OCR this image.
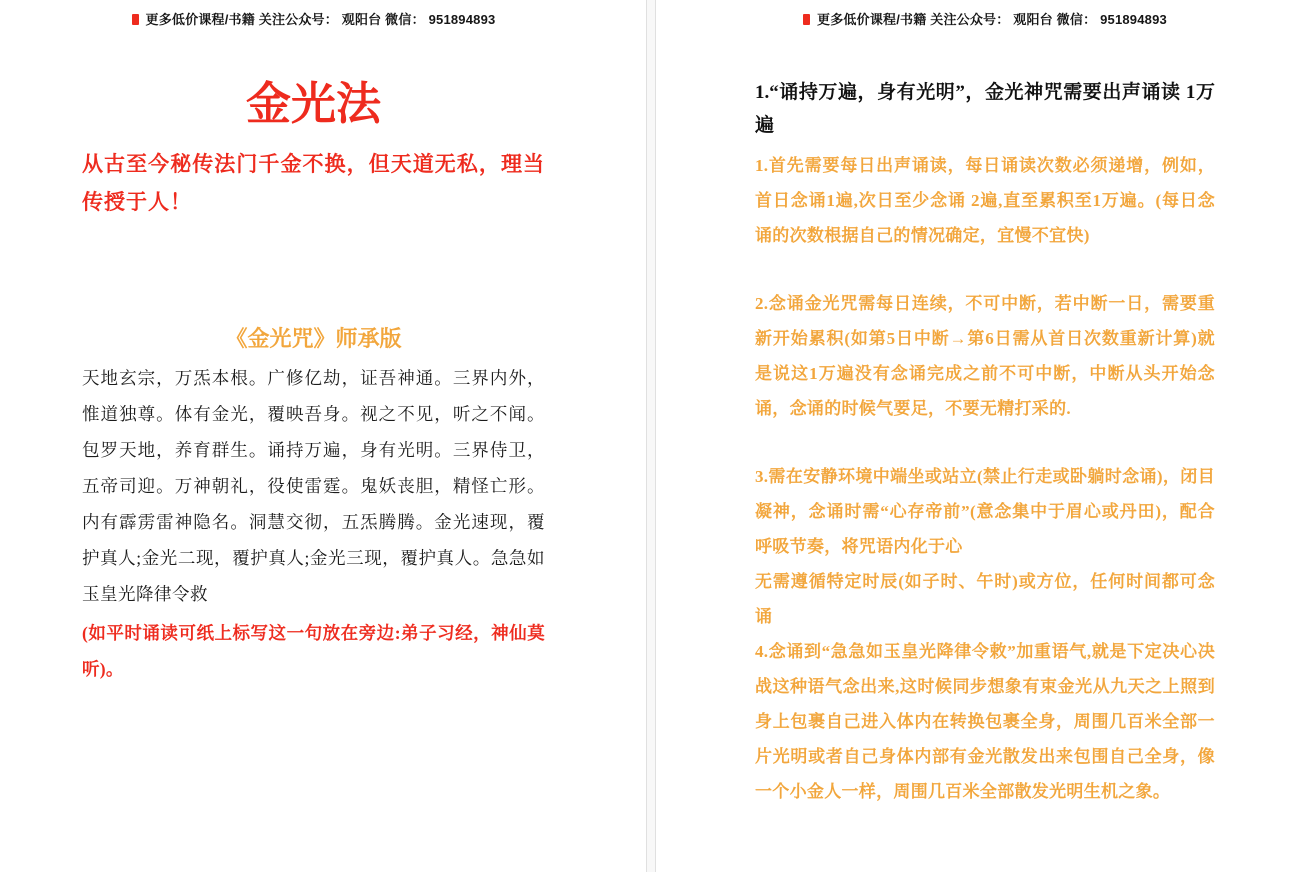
更多低价课程/书籍 关注公众号： 观阳台 微信： 951894893
金光法
从古至今秘传法门千金不换，但天道无私，理当传授于人！
《金光咒》师承版
天地玄宗，万炁本根。广修亿劫，证吾神通。三界内外，惟道独尊。体有金光，覆映吾身。视之不见，听之不闻。包罗天地，养育群生。诵持万遍，身有光明。三界侍卫，五帝司迎。万神朝礼，役使雷霆。鬼妖丧胆，精怪亡形。内有霹雳雷神隐名。洞慧交彻，五炁腾腾。金光速现，覆护真人;金光二现，覆护真人;金光三现，覆护真人。急急如玉皇光降律令救
(如平时诵读可纸上标写这一句放在旁边:弟子习经，神仙莫听)。
更多低价课程/书籍 关注公众号： 观阳台 微信： 951894893
1.“诵持万遍，身有光明”，金光神咒需要出声诵读 1万遍
1.首先需要每日出声诵读，每日诵读次数必须递增，例如，首日念诵1遍,次日至少念诵 2遍,直至累积至1万遍。(每日念诵的次数根据自己的情况确定，宜慢不宜快)
2.念诵金光咒需每日连续，不可中断，若中断一日，需要重新开始累积(如第5日中断→第6日需从首日次数重新计算)就是说这1万遍没有念诵完成之前不可中断，中断从头开始念诵，念诵的时候气要足，不要无精打采的.
3.需在安静环境中端坐或站立(禁止行走或卧躺时念诵)，闭目凝神，念诵时需“心存帝前”(意念集中于眉心或丹田)，配合呼吸节奏，将咒语内化于心
无需遵循特定时辰(如子时、午时)或方位，任何时间都可念诵
4.念诵到“急急如玉皇光降律令敕”加重语气,就是下定决心决战这种语气念出来,这时候同步想象有束金光从九天之上照到身上包裹自己进入体内在转换包裹全身，周围几百米全部一片光明或者自己身体内部有金光散发出来包围自己全身，像一个小金人一样，周围几百米全部散发光明生机之象。
